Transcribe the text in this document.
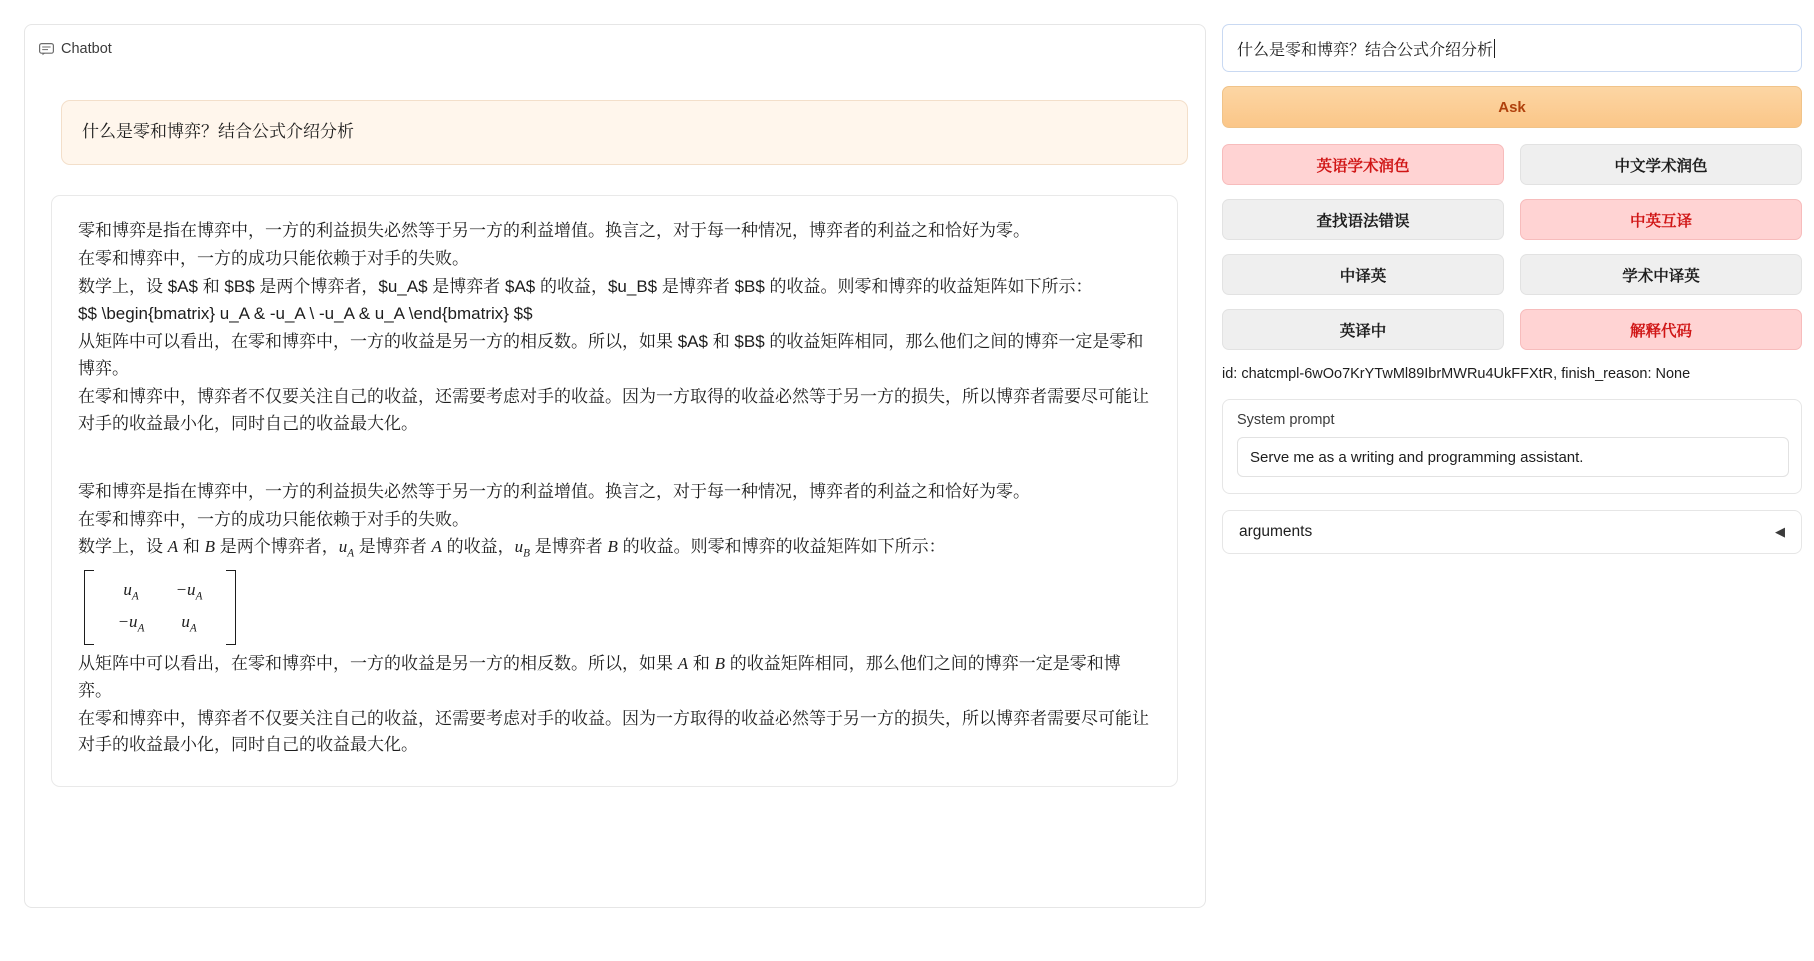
Chatbot
什么是零和博弈？结合公式介绍分析

零和博弈是指在博弈中，一方的利益损失必然等于另一方的利益增值。换言之，对于每一种情况，博弈者的利益之和恰好为零。

在零和博弈中，一方的成功只能依赖于对手的失败。

数学上，设 $A$ 和 $B$ 是两个博弈者，$u_A$ 是博弈者 $A$ 的收益，$u_B$ 是博弈者 $B$ 的收益。则零和博弈的收益矩阵如下所示：

$$ \begin{bmatrix} u_A & -u_A \ -u_A & u_A \end{bmatrix} $$

从矩阵中可以看出，在零和博弈中，一方的收益是另一方的相反数。所以，如果 $A$ 和 $B$ 的收益矩阵相同，那么他们之间的博弈一定是零和博弈。

在零和博弈中，博弈者不仅要关注自己的收益，还需要考虑对手的收益。因为一方取得的收益必然等于另一方的损失，所以博弈者需要尽可能让对手的收益最小化，同时自己的收益最大化。

零和博弈是指在博弈中，一方的利益损失必然等于另一方的利益增值。换言之，对于每一种情况，博弈者的利益之和恰好为零。

在零和博弈中，一方的成功只能依赖于对手的失败。

数学上，设 A 和 B 是两个博弈者，$u_A$ 是博弈者 A 的收益，$u_B$ 是博弈者 B 的收益。则零和博弈的收益矩阵如下所示：

$u_A$	$-u_A$
$-u_A$	$u_A$

从矩阵中可以看出，在零和博弈中，一方的收益是另一方的相反数。所以，如果 A 和 B 的收益矩阵相同，那么他们之间的博弈一定是零和博弈。

在零和博弈中，博弈者不仅要关注自己的收益，还需要考虑对手的收益。因为一方取得的收益必然等于另一方的损失，所以博弈者需要尽可能让对手的收益最小化，同时自己的收益最大化。

什么是零和博弈？结合公式介绍分析
Ask
英语学术润色	中文学术润色
查找语法错误	中英互译
中译英	学术中译英
英译中	解释代码
id: chatcmpl-6wOo7KrYTwMl89IbrMWRu4UkFFXtR, finish_reason: None
System prompt
Serve me as a writing and programming assistant.
arguments	◀
